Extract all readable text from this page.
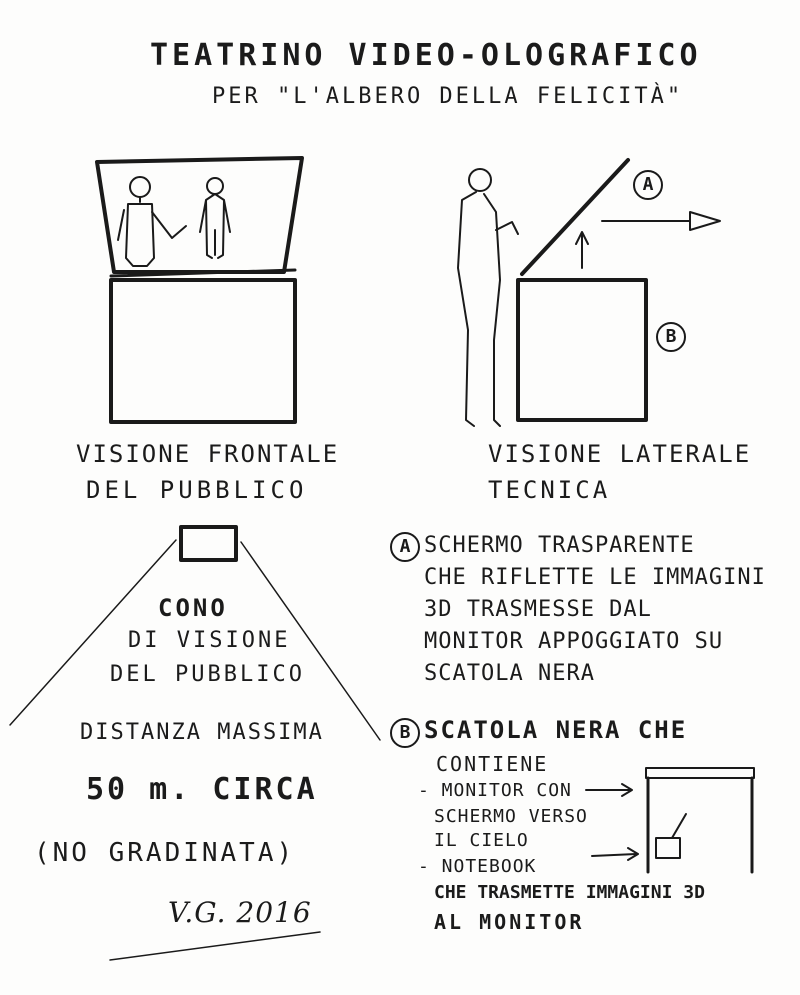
TEATRINO VIDEO-OLOGRAFICO
PER "L'ALBERO DELLA FELICITÀ"
VISIONE FRONTALE
DEL PUBBLICO
VISIONE LATERALE
TECNICA
A
B
CONO
DI VISIONE
DEL PUBBLICO
DISTANZA MASSIMA
50 m. CIRCA
(NO GRADINATA)
V.G. 2016
A SCHERMO TRASPARENTE
CHE RIFLETTE LE IMMAGINI
3D TRASMESSE DAL
MONITOR APPOGGIATO SU
SCATOLA NERA
B SCATOLA NERA CHE
CONTIENE
- MONITOR CON
SCHERMO VERSO
IL CIELO
- NOTEBOOK
CHE TRASMETTE IMMAGINI 3D
AL MONITOR
